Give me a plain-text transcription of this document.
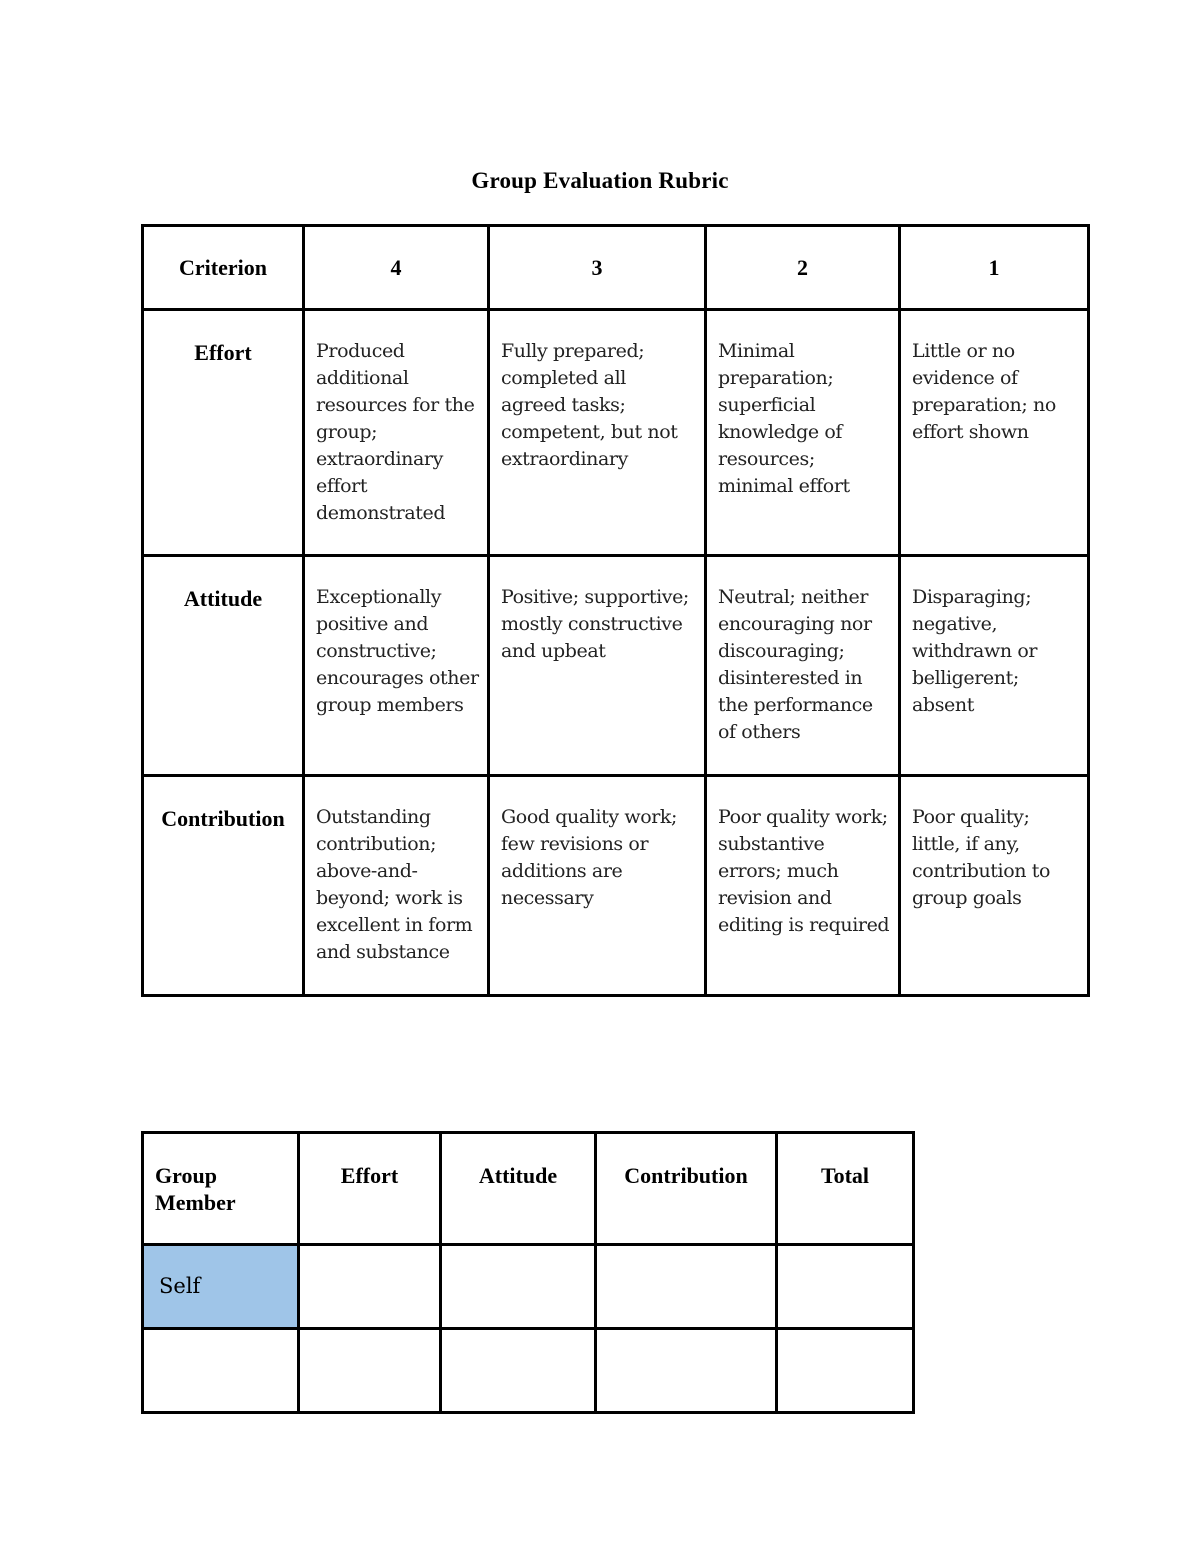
Group Evaluation Rubric
Criterion	4	3	2	1
Effort	Produced additional resources for the group; extraordinary effort demonstrated	Fully prepared; completed all agreed tasks; competent, but not extraordinary	Minimal preparation; superficial knowledge of resources; minimal effort	Little or no evidence of preparation; no effort shown
Attitude	Exceptionally positive and constructive; encourages other group members	Positive; supportive; mostly constructive and upbeat	Neutral; neither encouraging nor discouraging; disinterested in the performance of others	Disparaging; negative, withdrawn or belligerent; absent
Contribution	Outstanding contribution; above-and-beyond; work is excellent in form and substance	Good quality work; few revisions or additions are necessary	Poor quality work; substantive errors; much revision and editing is required	Poor quality; little, if any, contribution to group goals
Group Member	Effort	Attitude	Contribution	Total
Self				
